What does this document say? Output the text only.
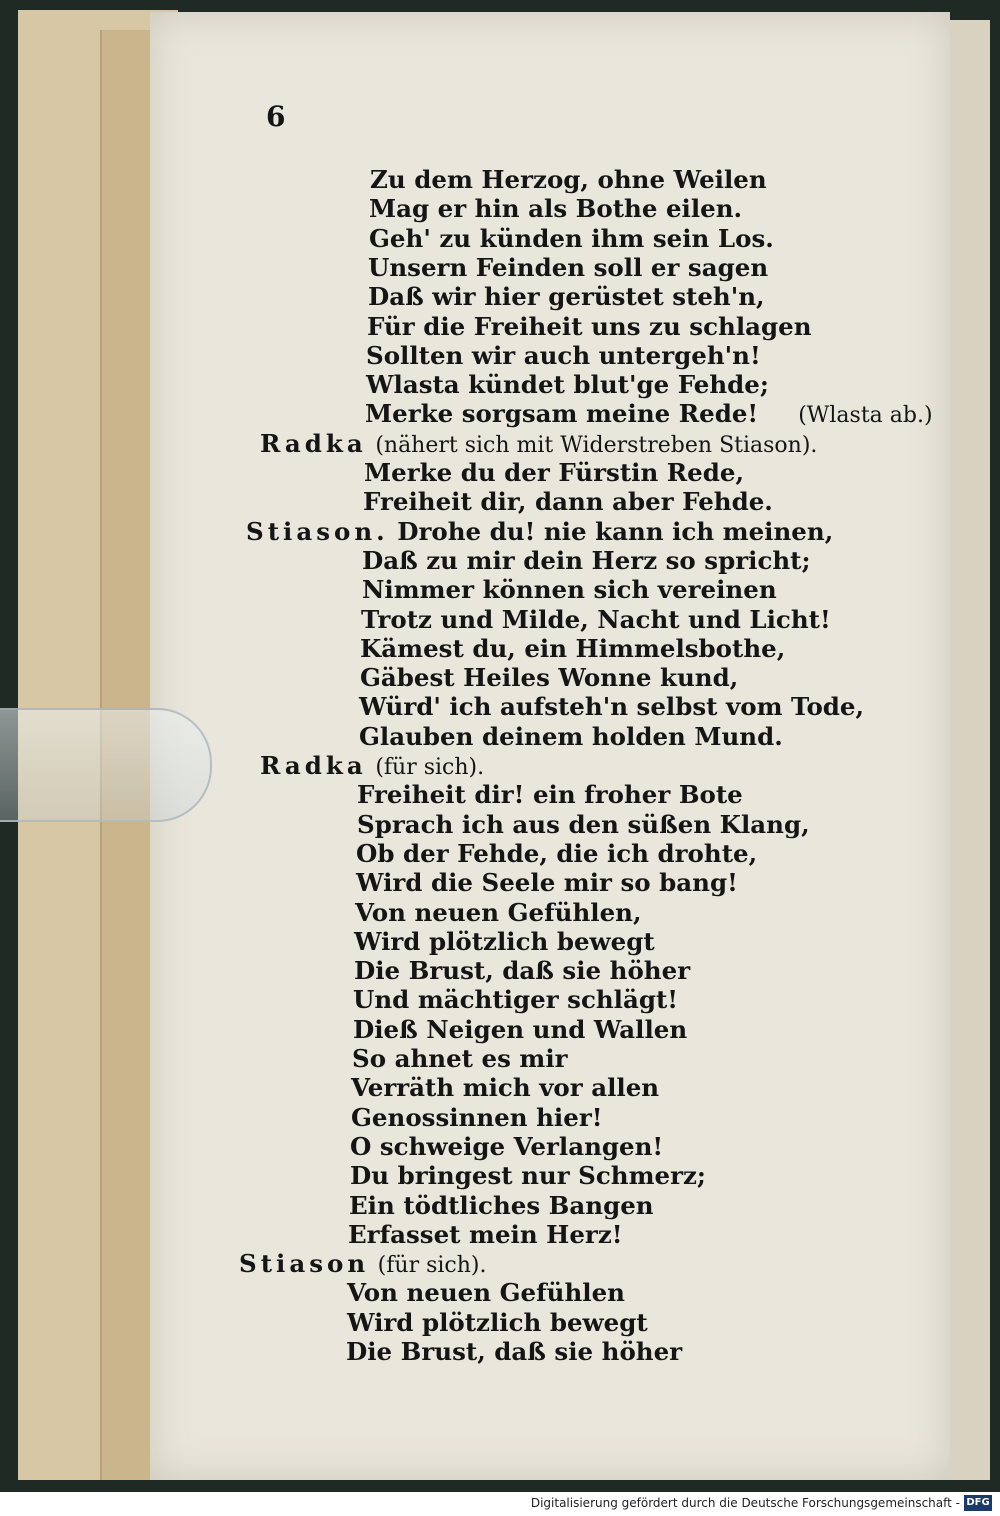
6
Zu dem Herzog, ohne Weilen
Mag er hin als Bothe eilen.
Geh' zu künden ihm sein Los.
Unsern Feinden soll er sagen
Daß wir hier gerüstet steh'n,
Für die Freiheit uns zu schlagen
Sollten wir auch untergeh'n!
Wlasta kündet blut'ge Fehde;
Merke sorgsam meine Rede! (Wlasta ab.)
Radka (nähert sich mit Widerstreben Stiason).
Merke du der Fürstin Rede,
Freiheit dir, dann aber Fehde.
Stiason. Drohe du! nie kann ich meinen,
Daß zu mir dein Herz so spricht;
Nimmer können sich vereinen
Trotz und Milde, Nacht und Licht!
Kämest du, ein Himmelsbothe,
Gäbest Heiles Wonne kund,
Würd' ich aufsteh'n selbst vom Tode,
Glauben deinem holden Mund.
Radka (für sich).
Freiheit dir! ein froher Bote
Sprach ich aus den süßen Klang,
Ob der Fehde, die ich drohte,
Wird die Seele mir so bang!
Von neuen Gefühlen,
Wird plötzlich bewegt
Die Brust, daß sie höher
Und mächtiger schlägt!
Dieß Neigen und Wallen
So ahnet es mir
Verräth mich vor allen
Genossinnen hier!
O schweige Verlangen!
Du bringest nur Schmerz;
Ein tödtliches Bangen
Erfasset mein Herz!
Stiason (für sich).
Von neuen Gefühlen
Wird plötzlich bewegt
Die Brust, daß sie höher
Digitalisierung gefördert durch die Deutsche Forschungsgemeinschaft - DFG
